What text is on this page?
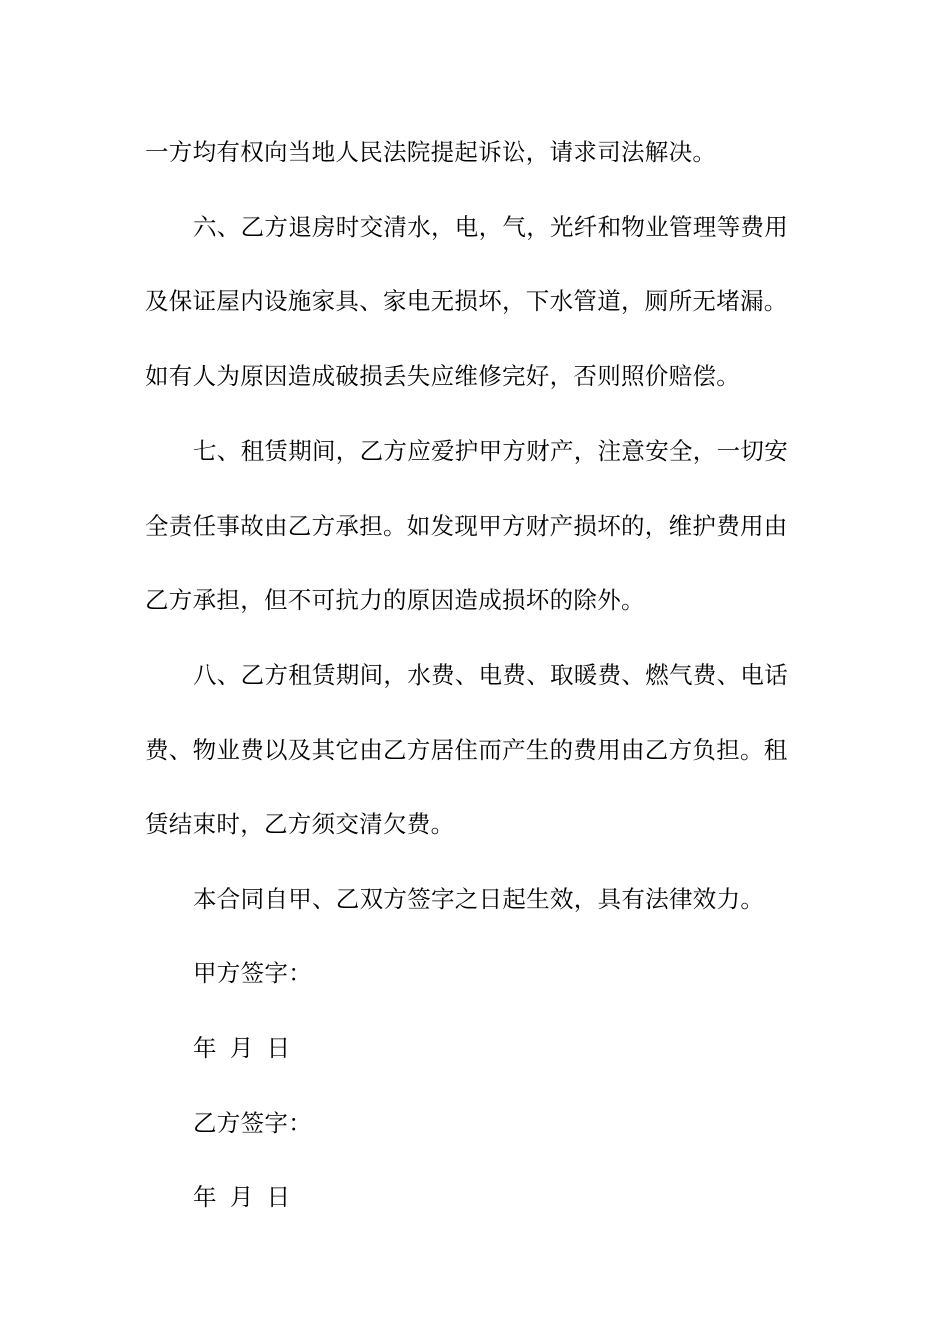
一方均有权向当地人民法院提起诉讼，请求司法解决。
六、乙方退房时交清水，电，气，光纤和物业管理等费用
及保证屋内设施家具、家电无损坏，下水管道，厕所无堵漏。
如有人为原因造成破损丢失应维修完好，否则照价赔偿。
七、租赁期间，乙方应爱护甲方财产，注意安全，一切安
全责任事故由乙方承担。如发现甲方财产损坏的，维护费用由
乙方承担，但不可抗力的原因造成损坏的除外。
八、乙方租赁期间，水费、电费、取暖费、燃气费、电话
费、物业费以及其它由乙方居住而产生的费用由乙方负担。租
赁结束时，乙方须交清欠费。
本合同自甲、乙双方签字之日起生效，具有法律效力。
甲方签字：
年 月 日
乙方签字：
年 月 日
